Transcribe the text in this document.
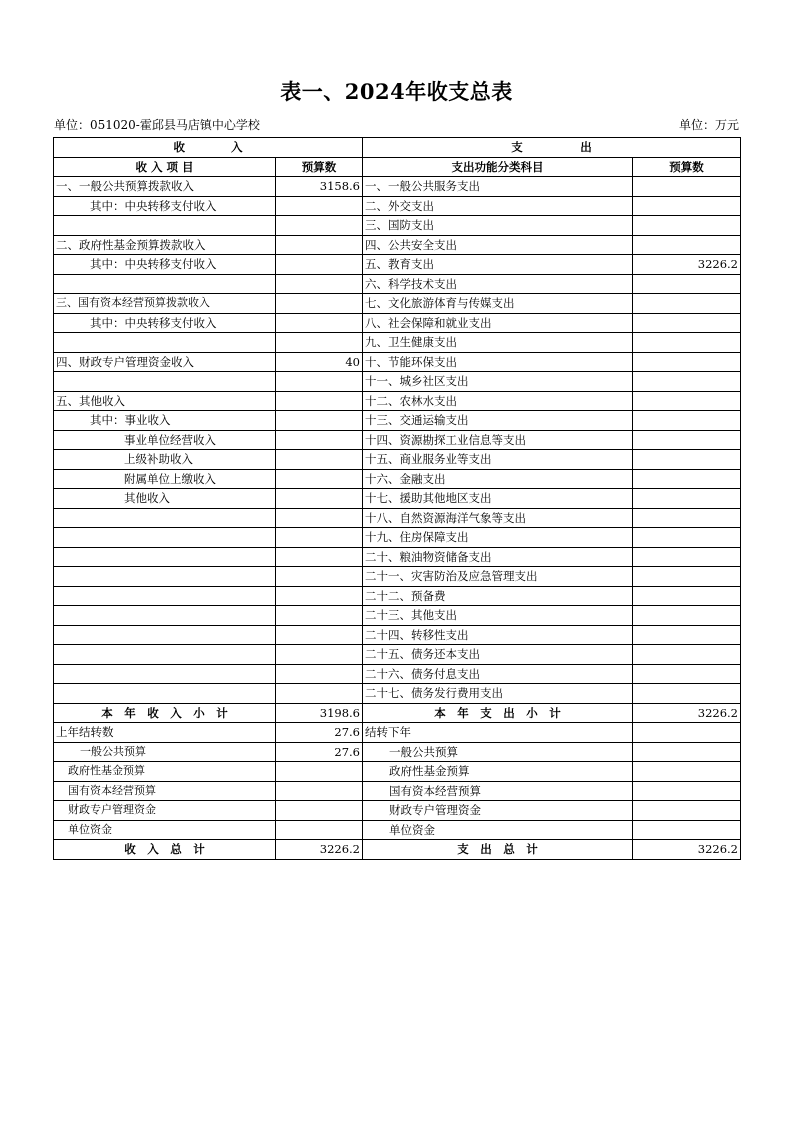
表一、2024年收支总表
单位：051020-霍邱县马店镇中心学校	单位：万元
收　　　　入		支　　　　　出	
收 入 项 目	预算数	支出功能分类科目	预算数
一、一般公共预算拨款收入	3158.6	一、一般公共服务支出	
其中：中央转移支付收入		二、外交支出	
		三、国防支出	
二、政府性基金预算拨款收入		四、公共安全支出	
其中：中央转移支付收入		五、教育支出	3226.2
		六、科学技术支出	
三、国有资本经营预算拨款收入		七、文化旅游体育与传媒支出	
其中：中央转移支付收入		八、社会保障和就业支出	
		九、卫生健康支出	
四、财政专户管理资金收入	40	十、节能环保支出	
		十一、城乡社区支出	
五、其他收入		十二、农林水支出	
其中：事业收入		十三、交通运输支出	
事业单位经营收入		十四、资源勘探工业信息等支出	
上级补助收入		十五、商业服务业等支出	
附属单位上缴收入		十六、金融支出	
其他收入		十七、援助其他地区支出	
		十八、自然资源海洋气象等支出	
		十九、住房保障支出	
		二十、粮油物资储备支出	
		二十一、灾害防治及应急管理支出	
		二十二、预备费	
		二十三、其他支出	
		二十四、转移性支出	
		二十五、债务还本支出	
		二十六、债务付息支出	
		二十七、债务发行费用支出	
本　年　收　入　小　计	3198.6	本　年　支　出　小　计	3226.2
上年结转数	27.6	结转下年	
一般公共预算	27.6	一般公共预算	
政府性基金预算		政府性基金预算	
国有资本经营预算		国有资本经营预算	
财政专户管理资金		财政专户管理资金	
单位资金		单位资金	
收　入　总　计	3226.2	支　出　总　计	3226.2
